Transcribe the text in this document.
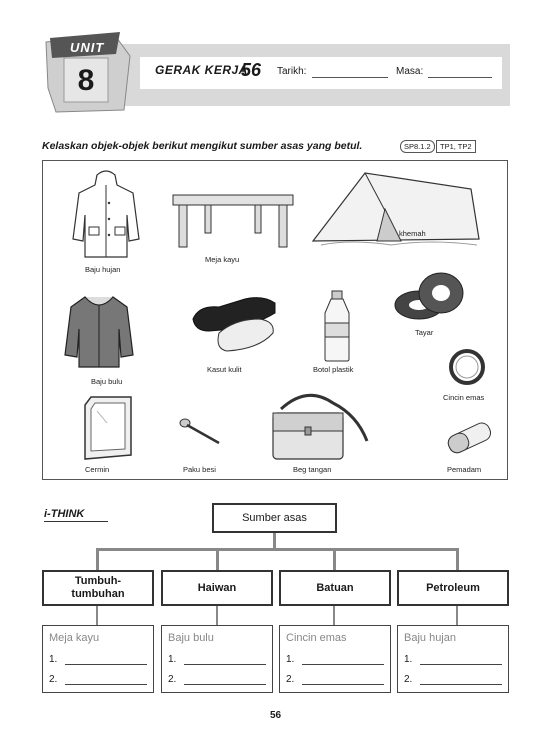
UNIT
8	GERAK KERJA
56 Tarikh:	Masa:
Kelaskan objek-objek berikut mengikut sumber asas yang betul.	SP8.1.2	TP1, TP2
Baju hujan
Meja kayu
khemah
Tayar
Baju bulu
Kasut kulit	Botol plastik
Cincin emas
Cermin	Paku besi	Beg tangan	Pemadam
i-THINK	Sumber asas
Tumbuh-
tumbuhan
Meja kayu
1.
2.
Haiwan
Baju bulu
1.
2.
Batuan
Cincin emas
1.
2.
Petroleum
Baju hujan
1.
2.
56
